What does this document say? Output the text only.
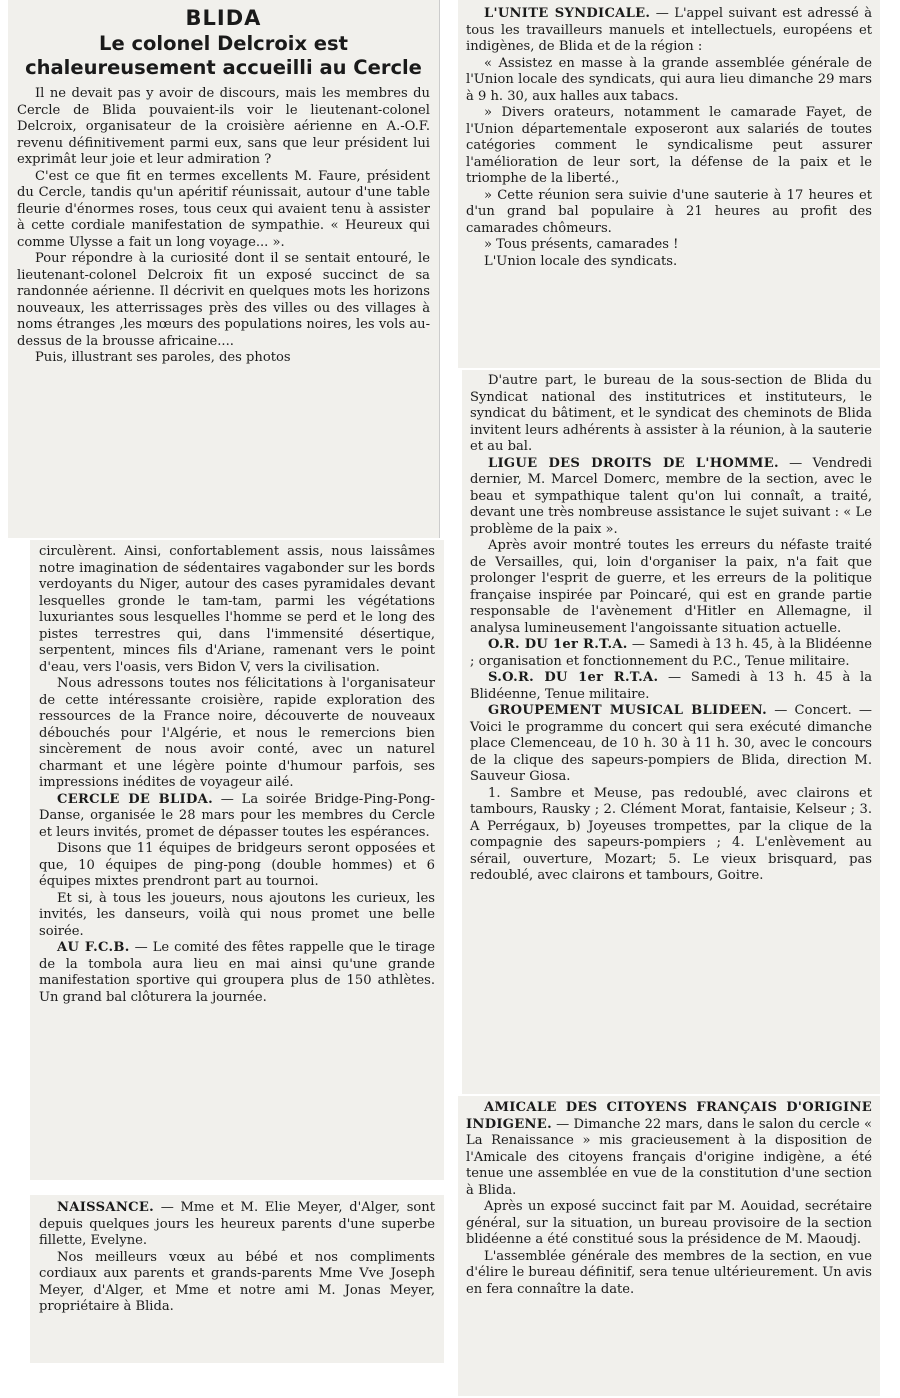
BLIDA
Le colonel Delcroix est chaleureusement accueilli au Cercle

Il ne devait pas y avoir de discours, mais les membres du Cercle de Blida pouvaient-ils voir le lieutenant-colonel Delcroix, organisateur de la croisière aérienne en A.-O.F. revenu définitivement parmi eux, sans que leur président lui exprimât leur joie et leur admiration ?

C'est ce que fit en termes excellents M. Faure, président du Cercle, tandis qu'un apéritif réunissait, autour d'une table fleurie d'énormes roses, tous ceux qui avaient tenu à assister à cette cordiale manifestation de sympathie. « Heureux qui comme Ulysse a fait un long voyage... ».

Pour répondre à la curiosité dont il se sentait entouré, le lieutenant-colonel Delcroix fit un exposé succinct de sa randonnée aérienne. Il décrivit en quelques mots les horizons nouveaux, les atterrissages près des villes ou des villages à noms étranges ,les mœurs des populations noires, les vols au-dessus de la brousse africaine....

Puis, illustrant ses paroles, des photos

circulèrent. Ainsi, confortablement assis, nous laissâmes notre imagination de sédentaires vagabonder sur les bords verdoyants du Niger, autour des cases pyramidales devant lesquelles gronde le tam-tam, parmi les végétations luxuriantes sous lesquelles l'homme se perd et le long des pistes terrestres qui, dans l'immensité désertique, serpentent, minces fils d'Ariane, ramenant vers le point d'eau, vers l'oasis, vers Bidon V, vers la civilisation.

Nous adressons toutes nos félicitations à l'organisateur de cette intéressante croisière, rapide exploration des ressources de la France noire, découverte de nouveaux débouchés pour l'Algérie, et nous le remercions bien sincèrement de nous avoir conté, avec un naturel charmant et une légère pointe d'humour parfois, ses impressions inédites de voyageur ailé.

CERCLE DE BLIDA. — La soirée Bridge-Ping-Pong-Danse, organisée le 28 mars pour les membres du Cercle et leurs invités, promet de dépasser toutes les espérances.

Disons que 11 équipes de bridgeurs seront opposées et que, 10 équipes de ping-pong (double hommes) et 6 équipes mixtes prendront part au tournoi.

Et si, à tous les joueurs, nous ajoutons les curieux, les invités, les danseurs, voilà qui nous promet une belle soirée.

AU F.C.B. — Le comité des fêtes rappelle que le tirage de la tombola aura lieu en mai ainsi qu'une grande manifestation sportive qui groupera plus de 150 athlètes. Un grand bal clôturera la journée.

NAISSANCE. — Mme et M. Elie Meyer, d'Alger, sont depuis quelques jours les heureux parents d'une superbe fillette, Evelyne.

Nos meilleurs vœux au bébé et nos compliments cordiaux aux parents et grands-parents Mme Vve Joseph Meyer, d'Alger, et Mme et notre ami M. Jonas Meyer, propriétaire à Blida.

L'UNITE SYNDICALE. — L'appel suivant est adressé à tous les travailleurs manuels et intellectuels, européens et indigènes, de Blida et de la région :

« Assistez en masse à la grande assemblée générale de l'Union locale des syndicats, qui aura lieu dimanche 29 mars à 9 h. 30, aux halles aux tabacs.

» Divers orateurs, notamment le camarade Fayet, de l'Union départementale exposeront aux salariés de toutes catégories comment le syndicalisme peut assurer l'amélioration de leur sort, la défense de la paix et le triomphe de la liberté.,

» Cette réunion sera suivie d'une sauterie à 17 heures et d'un grand bal populaire à 21 heures au profit des camarades chômeurs.

» Tous présents, camarades !

L'Union locale des syndicats.

D'autre part, le bureau de la sous-section de Blida du Syndicat national des institutrices et instituteurs, le syndicat du bâtiment, et le syndicat des cheminots de Blida invitent leurs adhérents à assister à la réunion, à la sauterie et au bal.

LIGUE DES DROITS DE L'HOMME. — Vendredi dernier, M. Marcel Domerc, membre de la section, avec le beau et sympathique talent qu'on lui connaît, a traité, devant une très nombreuse assistance le sujet suivant : « Le problème de la paix ».

Après avoir montré toutes les erreurs du néfaste traité de Versailles, qui, loin d'organiser la paix, n'a fait que prolonger l'esprit de guerre, et les erreurs de la politique française inspirée par Poincaré, qui est en grande partie responsable de l'avènement d'Hitler en Allemagne, il analysa lumineusement l'angoissante situation actuelle.

O.R. DU 1er R.T.A. — Samedi à 13 h. 45, à la Blidéenne ; organisation et fonctionnement du P.C., Tenue militaire.

S.O.R. DU 1er R.T.A. — Samedi à 13 h. 45 à la Blidéenne, Tenue militaire.

GROUPEMENT MUSICAL BLIDEEN. — Concert. — Voici le programme du concert qui sera exécuté dimanche place Clemenceau, de 10 h. 30 à 11 h. 30, avec le concours de la clique des sapeurs-pompiers de Blida, direction M. Sauveur Giosa.

1. Sambre et Meuse, pas redoublé, avec clairons et tambours, Rausky ; 2. Clément Morat, fantaisie, Kelseur ; 3. A Perrégaux, b) Joyeuses trompettes, par la clique de la compagnie des sapeurs-pompiers ; 4. L'enlèvement au sérail, ouverture, Mozart; 5. Le vieux brisquard, pas redoublé, avec clairons et tambours, Goitre.

AMICALE DES CITOYENS FRANÇAIS D'ORIGINE INDIGENE. — Dimanche 22 mars, dans le salon du cercle « La Renaissance » mis gracieusement à la disposition de l'Amicale des citoyens français d'origine indigène, a été tenue une assemblée en vue de la constitution d'une section à Blida.

Après un exposé succinct fait par M. Aouidad, secrétaire général, sur la situation, un bureau provisoire de la section blidéenne a été constitué sous la présidence de M. Maoudj.

L'assemblée générale des membres de la section, en vue d'élire le bureau définitif, sera tenue ultérieurement. Un avis en fera connaître la date.
